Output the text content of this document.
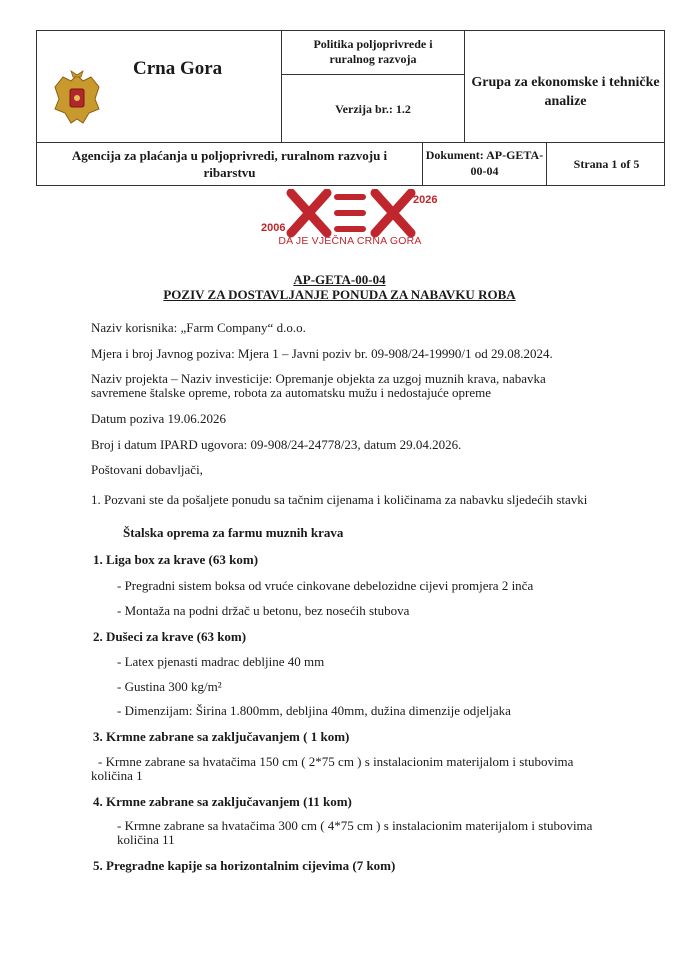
Crna Gora
Politika poljoprivrede i
ruralnog razvoja
Verzija br.: 1.2
Grupa za ekonomske i tehničke
analize
Agencija za plaćanja u poljoprivredi, ruralnom razvoju i
ribarstvu
Dokument: AP-GETA-
00-04	Strana 1 of 5
2006
2026
DA JE VJEČNA CRNA GORA
AP-GETA-00-04
POZIV ZA DOSTAVLJANJE PONUDA ZA NABAVKU ROBA
Naziv korisnika: „Farm Company“ d.o.o.
Mjera i broj Javnog poziva: Mjera 1 – Javni poziv br. 09-908/24-19990/1 od 29.08.2024.
Naziv projekta – Naziv investicije: Opremanje objekta za uzgoj muznih krava, nabavka
savremene štalske opreme, robota za automatsku mužu i nedostajuće opreme
Datum poziva 19.06.2026
Broj i datum IPARD ugovora: 09-908/24-24778/23, datum 29.04.2026.
Poštovani dobavljači,
1. Pozvani ste da pošaljete ponudu sa tačnim cijenama i količinama za nabavku sljedećih stavki
Štalska oprema za farmu muznih krava
1. Liga box za krave (63 kom)
- Pregradni sistem boksa od vruće cinkovane debelozidne cijevi promjera 2 inča
- Montaža na podni držač u betonu, bez nosećih stubova
2. Dušeci za krave (63 kom)
- Latex pjenasti madrac debljine 40 mm
- Gustina 300 kg/m²
- Dimenzijam: Širina 1.800mm, debljina 40mm, dužina dimenzije odjeljaka
3. Krmne zabrane sa zaključavanjem ( 1 kom)
- Krmne zabrane sa hvatačima 150 cm ( 2*75 cm ) s instalacionim materijalom i stubovima
količina 1
4. Krmne zabrane sa zaključavanjem (11 kom)
- Krmne zabrane sa hvatačima 300 cm ( 4*75 cm ) s instalacionim materijalom i stubovima
količina 11
5. Pregradne kapije sa horizontalnim cijevima (7 kom)
